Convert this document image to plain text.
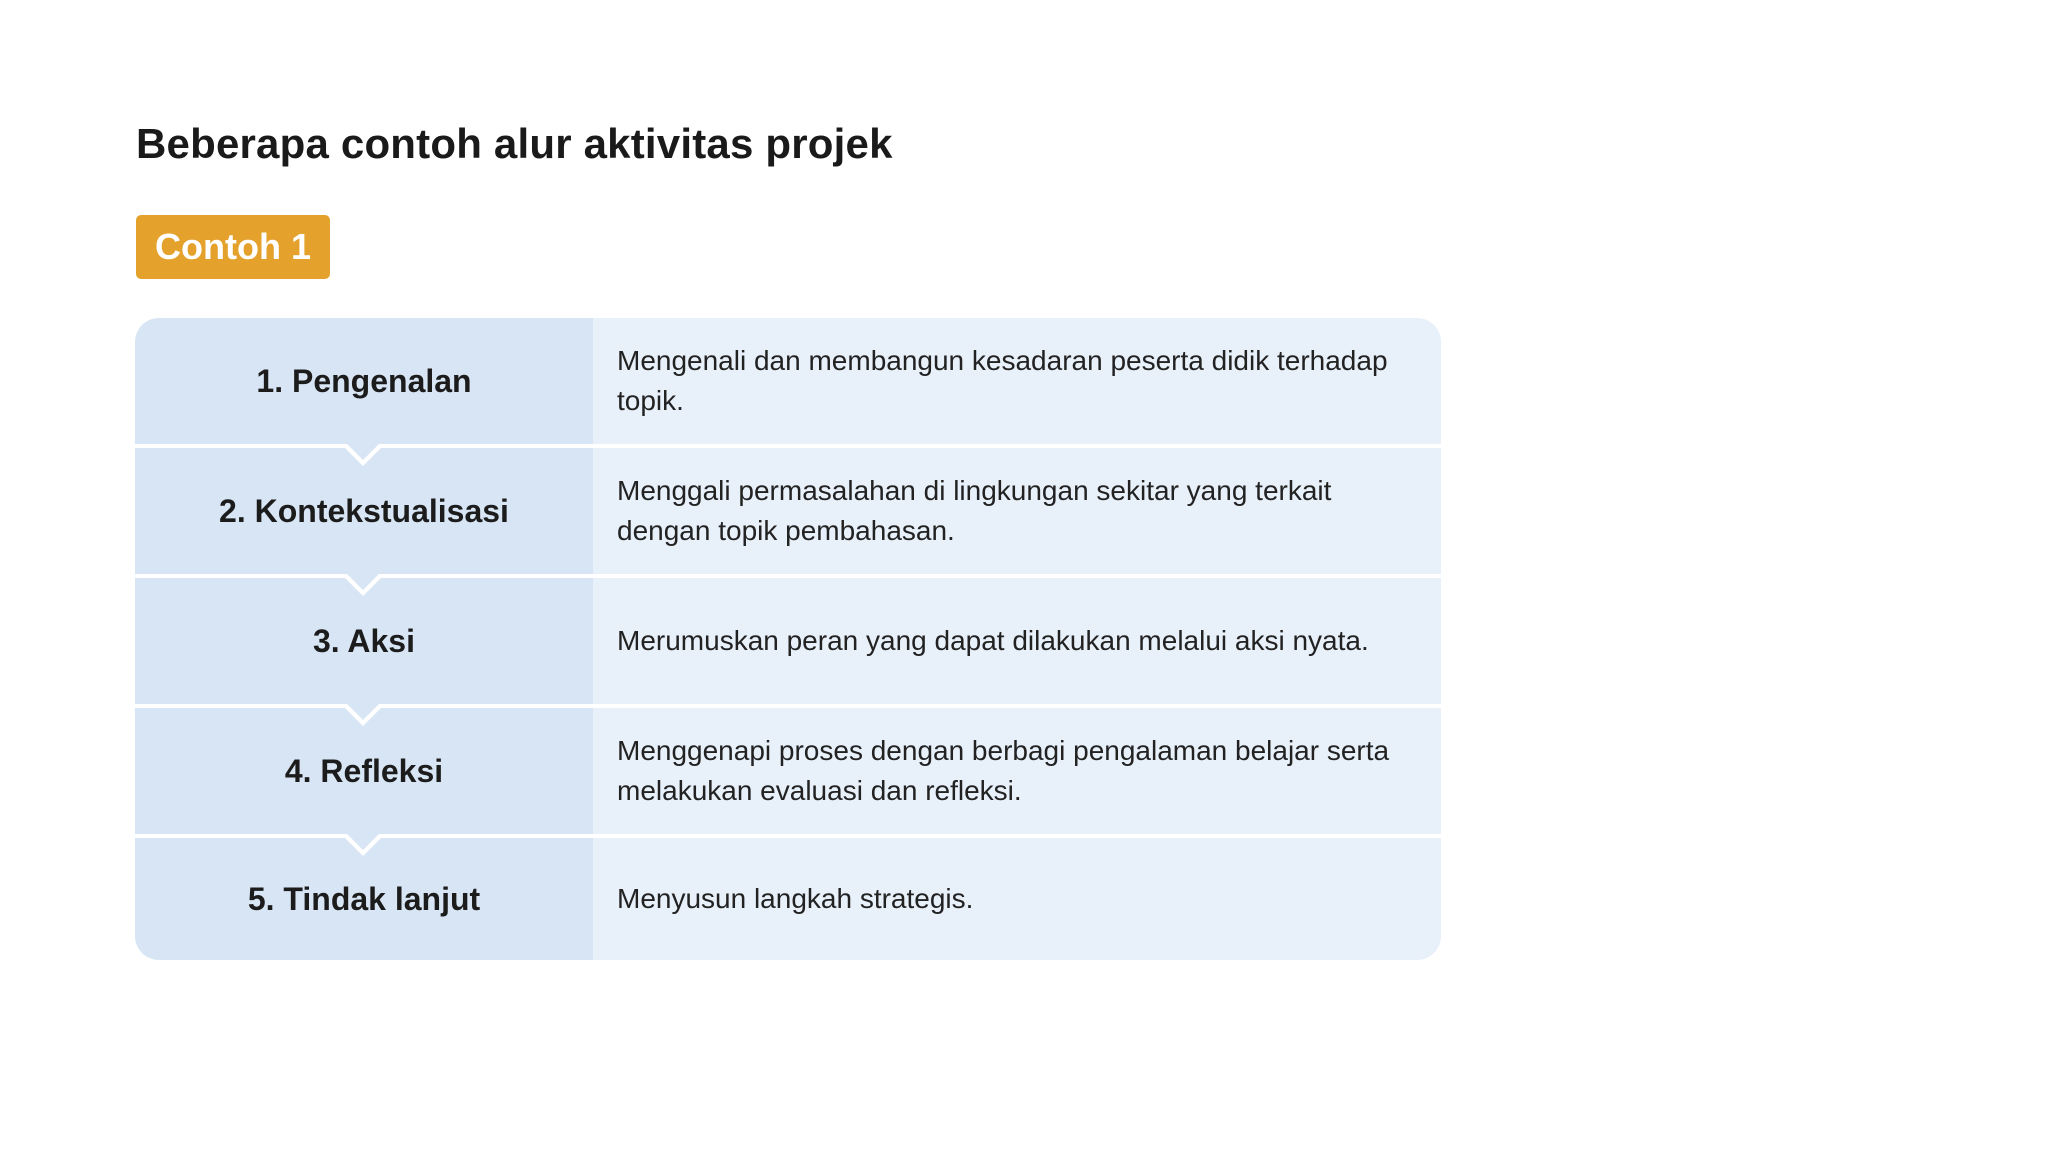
Beberapa contoh alur aktivitas projek
Contoh 1
1. Pengenalan
Mengenali dan membangun kesadaran peserta didik terhadap topik.
2. Kontekstualisasi
Menggali permasalahan di lingkungan sekitar yang terkait dengan topik pembahasan.
3. Aksi	Merumuskan peran yang dapat dilakukan melalui aksi nyata.
4. Refleksi
Menggenapi proses dengan berbagi pengalaman belajar serta melakukan evaluasi dan refleksi.
5. Tindak lanjut	Menyusun langkah strategis.
